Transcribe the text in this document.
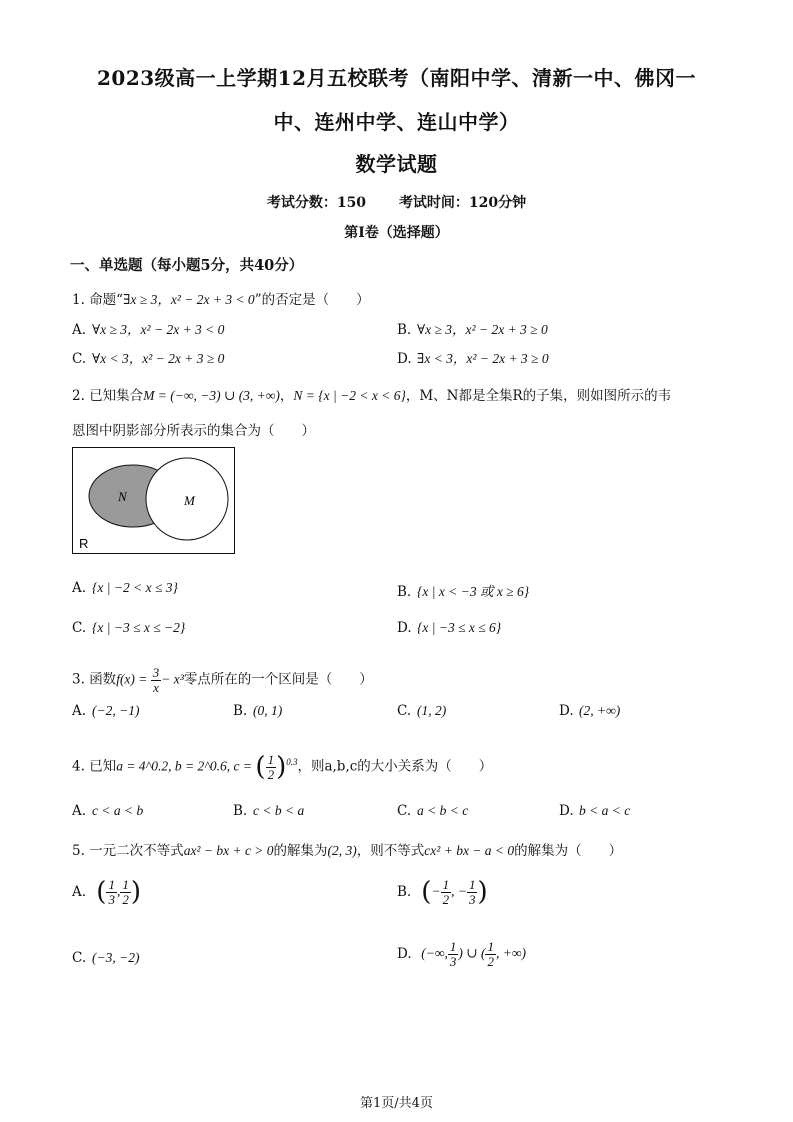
2023级高一上学期12月五校联考（南阳中学、清新一中、佛冈一
中、连州中学、连山中学）
数学试题
考试分数：150 考试时间：120分钟
第I卷（选择题）
一、单选题（每小题5分，共40分）
1. 命题“∃x ≥ 3，x² − 2x + 3 < 0”的否定是（　　）
A. ∀x ≥ 3，x² − 2x + 3 < 0	B. ∀x ≥ 3，x² − 2x + 3 ≥ 0
C. ∀x < 3，x² − 2x + 3 ≥ 0	D. ∃x < 3，x² − 2x + 3 ≥ 0
2. 已知集合M = (−∞, −3) ∪ (3, +∞)，N = {x | −2 < x < 6}，M、N都是全集R的子集，则如图所示的韦
恩图中阴影部分所表示的集合为（　　）
N	M
R
A. {x | −2 < x ≤ 3}	B. {x | x < −3 或 x ≥ 6}
C. {x | −3 ≤ x ≤ −2}	D. {x | −3 ≤ x ≤ 6}
3. 函数$f(x) = \frac{3}{x} - x^3$零点所在的一个区间是（　　）
A. (−2, −1)	B. (0, 1)	C. (1, 2)	D. (2, +∞)
4. 已知a = 4^0.2, b = 2^0.6, c = ( $\frac{1}{2} )^{0.3}$，则a,b,c的大小关系为（　　）
A. c < a < b	B. c < b < a	C. a < b < c	D. b < a < c
5. 一元二次不等式ax² − bx + c > 0的解集为(2, 3)，则不等式cx² + bx − a < 0的解集为（　　）
A. ( $\frac{1}{3}$ , $\frac{1}{2}$ )	B. (− $\frac{1}{2}$ , − $\frac{1}{3}$ )
C. (−3, −2)	D. (−∞, $\frac{1}{3}$ ) ∪ ( $\frac{1}{2}$ , +∞)
第1页/共4页
